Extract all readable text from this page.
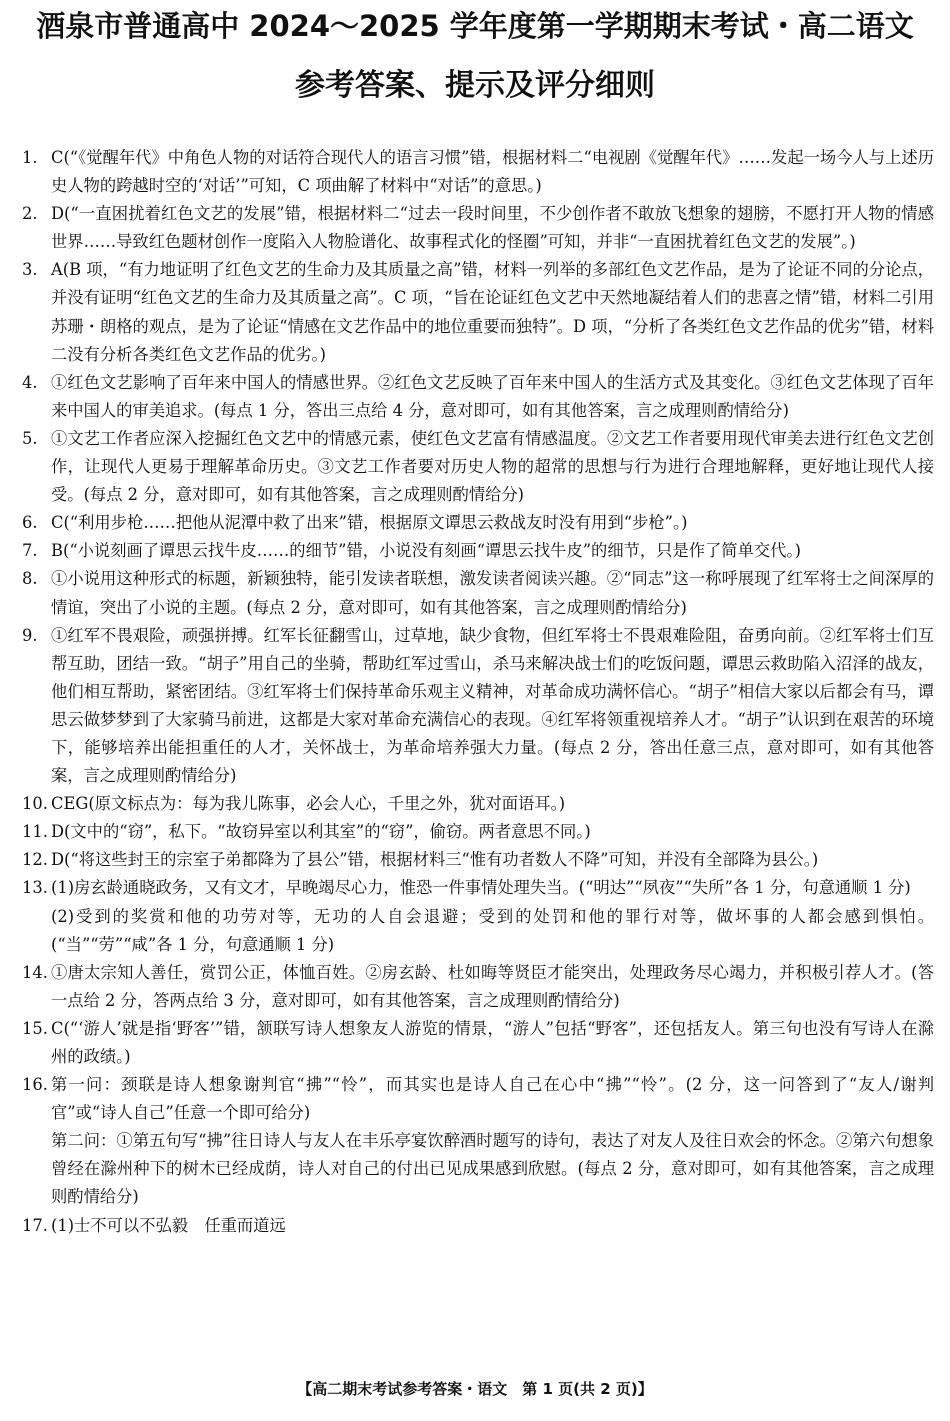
酒泉市普通高中 2024～2025 学年度第一学期期末考试・高二语文
参考答案、提示及评分细则
1. C(“《觉醒年代》中角色人物的对话符合现代人的语言习惯”错，根据材料二“电视剧《觉醒年代》……发起一场今人与上述历史人物的跨越时空的‘对话’”可知，C 项曲解了材料中“对话”的意思。)
2. D(“一直困扰着红色文艺的发展”错，根据材料二“过去一段时间里，不少创作者不敢放飞想象的翅膀，不愿打开人物的情感世界……导致红色题材创作一度陷入人物脸谱化、故事程式化的怪圈”可知，并非“一直困扰着红色文艺的发展”。)
3. A(B 项，“有力地证明了红色文艺的生命力及其质量之高”错，材料一列举的多部红色文艺作品，是为了论证不同的分论点，并没有证明“红色文艺的生命力及其质量之高”。C 项，“旨在论证红色文艺中天然地凝结着人们的悲喜之情”错，材料二引用苏珊・朗格的观点，是为了论证“情感在文艺作品中的地位重要而独特”。D 项，“分析了各类红色文艺作品的优劣”错，材料二没有分析各类红色文艺作品的优劣。)
4. ①红色文艺影响了百年来中国人的情感世界。②红色文艺反映了百年来中国人的生活方式及其变化。③红色文艺体现了百年来中国人的审美追求。(每点 1 分，答出三点给 4 分，意对即可，如有其他答案，言之成理则酌情给分)
5. ①文艺工作者应深入挖掘红色文艺中的情感元素，使红色文艺富有情感温度。②文艺工作者要用现代审美去进行红色文艺创作，让现代人更易于理解革命历史。③文艺工作者要对历史人物的超常的思想与行为进行合理地解释，更好地让现代人接受。(每点 2 分，意对即可，如有其他答案，言之成理则酌情给分)
6. C(“利用步枪……把他从泥潭中救了出来”错，根据原文谭思云救战友时没有用到“步枪”。)
7. B(“小说刻画了谭思云找牛皮……的细节”错，小说没有刻画“谭思云找牛皮”的细节，只是作了简单交代。)
8. ①小说用这种形式的标题，新颖独特，能引发读者联想，激发读者阅读兴趣。②“同志”这一称呼展现了红军将士之间深厚的情谊，突出了小说的主题。(每点 2 分，意对即可，如有其他答案，言之成理则酌情给分)
9. ①红军不畏艰险，顽强拼搏。红军长征翻雪山，过草地，缺少食物，但红军将士不畏艰难险阻，奋勇向前。②红军将士们互帮互助，团结一致。“胡子”用自己的坐骑，帮助红军过雪山，杀马来解决战士们的吃饭问题，谭思云救助陷入沼泽的战友，他们相互帮助，紧密团结。③红军将士们保持革命乐观主义精神，对革命成功满怀信心。“胡子”相信大家以后都会有马，谭思云做梦梦到了大家骑马前进，这都是大家对革命充满信心的表现。④红军将领重视培养人才。“胡子”认识到在艰苦的环境下，能够培养出能担重任的人才，关怀战士，为革命培养强大力量。(每点 2 分，答出任意三点，意对即可，如有其他答案，言之成理则酌情给分)
10. CEG(原文标点为：每为我儿陈事，必会人心，千里之外，犹对面语耳。)
11. D(文中的“窃”，私下。“故窃异室以利其室”的“窃”，偷窃。两者意思不同。)
12. D(“将这些封王的宗室子弟都降为了县公”错，根据材料三“惟有功者数人不降”可知，并没有全部降为县公。)
13. (1)房玄龄通晓政务，又有文才，早晚竭尽心力，惟恐一件事情处理失当。(“明达”“夙夜”“失所”各 1 分，句意通顺 1 分)
(2)受到的奖赏和他的功劳对等，无功的人自会退避；受到的处罚和他的罪行对等，做坏事的人都会感到惧怕。(“当”“劳”“咸”各 1 分，句意通顺 1 分)
14. ①唐太宗知人善任，赏罚公正，体恤百姓。②房玄龄、杜如晦等贤臣才能突出，处理政务尽心竭力，并积极引荐人才。(答一点给 2 分，答两点给 3 分，意对即可，如有其他答案，言之成理则酌情给分)
15. C(“‘游人’就是指‘野客’”错，颔联写诗人想象友人游览的情景，“游人”包括“野客”，还包括友人。第三句也没有写诗人在滁州的政绩。)
16. 第一问：颈联是诗人想象谢判官“拂”“怜”，而其实也是诗人自己在心中“拂”“怜”。(2 分，这一问答到了“友人/谢判官”或“诗人自己”任意一个即可给分)
第二问：①第五句写“拂”往日诗人与友人在丰乐亭宴饮醉酒时题写的诗句，表达了对友人及往日欢会的怀念。②第六句想象曾经在滁州种下的树木已经成荫，诗人对自己的付出已见成果感到欣慰。(每点 2 分，意对即可，如有其他答案，言之成理则酌情给分)
17. (1)士不可以不弘毅　任重而道远
【高二期末考试参考答案・语文　第 1 页(共 2 页)】
